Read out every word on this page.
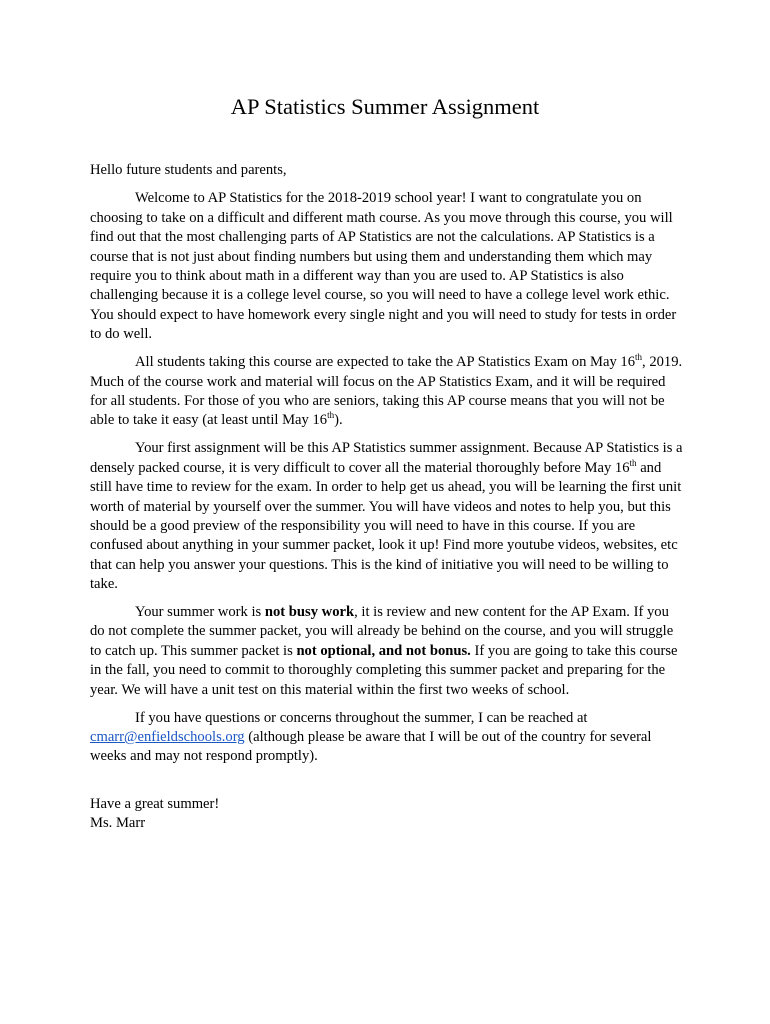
AP Statistics Summer Assignment

Hello future students and parents,

Welcome to AP Statistics for the 2018-2019 school year! I want to congratulate you on choosing to take on a difficult and different math course. As you move through this course, you will find out that the most challenging parts of AP Statistics are not the calculations. AP Statistics is a course that is not just about finding numbers but using them and understanding them which may require you to think about math in a different way than you are used to. AP Statistics is also challenging because it is a college level course, so you will need to have a college level work ethic. You should expect to have homework every single night and you will need to study for tests in order to do well.

All students taking this course are expected to take the AP Statistics Exam on May 16th, 2019. Much of the course work and material will focus on the AP Statistics Exam, and it will be required for all students. For those of you who are seniors, taking this AP course means that you will not be able to take it easy (at least until May 16th).

Your first assignment will be this AP Statistics summer assignment. Because AP Statistics is a densely packed course, it is very difficult to cover all the material thoroughly before May 16th and still have time to review for the exam. In order to help get us ahead, you will be learning the first unit worth of material by yourself over the summer. You will have videos and notes to help you, but this should be a good preview of the responsibility you will need to have in this course. If you are confused about anything in your summer packet, look it up! Find more youtube videos, websites, etc that can help you answer your questions. This is the kind of initiative you will need to be willing to take.

Your summer work is not busy work, it is review and new content for the AP Exam. If you do not complete the summer packet, you will already be behind on the course, and you will struggle to catch up. This summer packet is not optional, and not bonus. If you are going to take this course in the fall, you need to commit to thoroughly completing this summer packet and preparing for the year. We will have a unit test on this material within the first two weeks of school.

If you have questions or concerns throughout the summer, I can be reached at cmarr@enfieldschools.org (although please be aware that I will be out of the country for several weeks and may not respond promptly).

Have a great summer!

Ms. Marr
